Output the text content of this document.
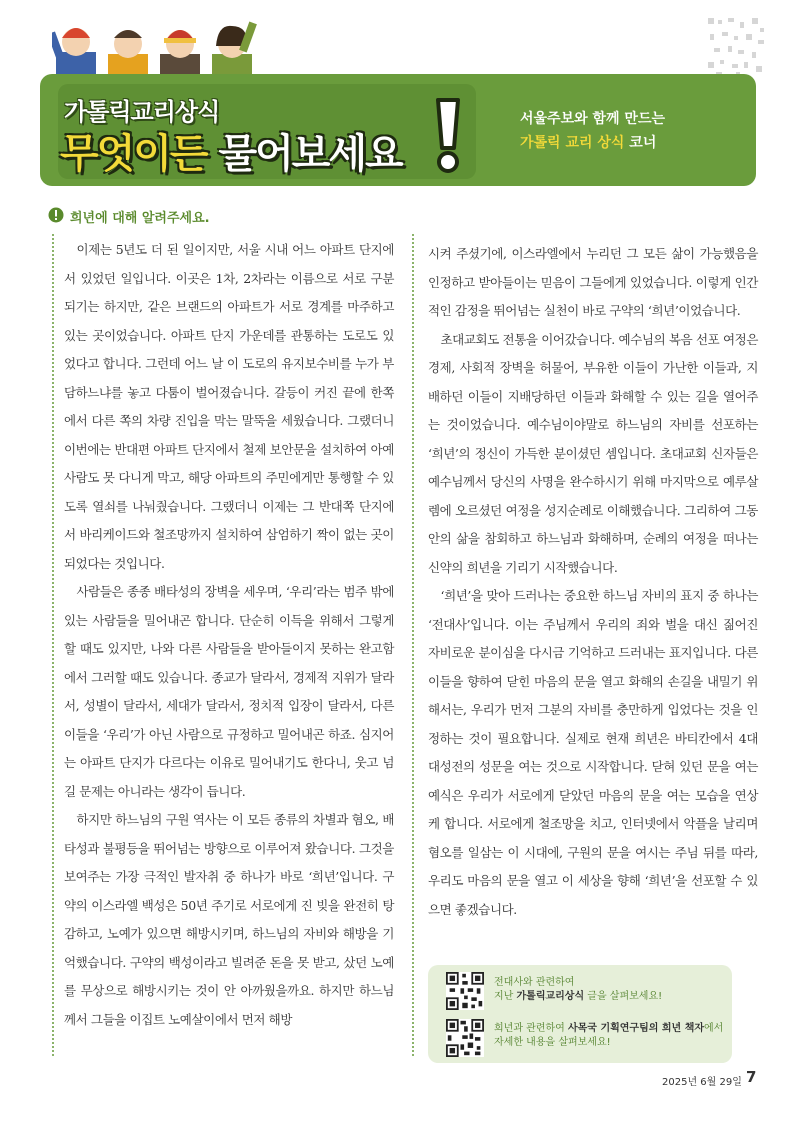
가톨릭교리상식
무엇이든 물어보세요
서울주보와 함께 만드는
가톨릭 교리 상식 코너
희년에 대해 알려주세요.

이제는 5년도 더 된 일이지만, 서울 시내 어느 아파트 단지에서 있었던 일입니다. 이곳은 1차, 2차라는 이름으로 서로 구분되기는 하지만, 같은 브랜드의 아파트가 서로 경계를 마주하고 있는 곳이었습니다. 아파트 단지 가운데를 관통하는 도로도 있었다고 합니다. 그런데 어느 날 이 도로의 유지보수비를 누가 부담하느냐를 놓고 다툼이 벌어졌습니다. 갈등이 커진 끝에 한쪽에서 다른 쪽의 차량 진입을 막는 말뚝을 세웠습니다. 그랬더니 이번에는 반대편 아파트 단지에서 철제 보안문을 설치하여 아예 사람도 못 다니게 막고, 해당 아파트의 주민에게만 통행할 수 있도록 열쇠를 나눠줬습니다. 그랬더니 이제는 그 반대쪽 단지에서 바리케이드와 철조망까지 설치하여 삼엄하기 짝이 없는 곳이 되었다는 것입니다.

사람들은 종종 배타성의 장벽을 세우며, ‘우리’라는 범주 밖에 있는 사람들을 밀어내곤 합니다. 단순히 이득을 위해서 그렇게 할 때도 있지만, 나와 다른 사람들을 받아들이지 못하는 완고함에서 그러할 때도 있습니다. 종교가 달라서, 경제적 지위가 달라서, 성별이 달라서, 세대가 달라서, 정치적 입장이 달라서, 다른 이들을 ‘우리’가 아닌 사람으로 규정하고 밀어내곤 하죠. 심지어는 아파트 단지가 다르다는 이유로 밀어내기도 한다니, 웃고 넘길 문제는 아니라는 생각이 듭니다.

하지만 하느님의 구원 역사는 이 모든 종류의 차별과 혐오, 배타성과 불평등을 뛰어넘는 방향으로 이루어져 왔습니다. 그것을 보여주는 가장 극적인 발자취 중 하나가 바로 ‘희년’입니다. 구약의 이스라엘 백성은 50년 주기로 서로에게 진 빚을 완전히 탕감하고, 노예가 있으면 해방시키며, 하느님의 자비와 해방을 기억했습니다. 구약의 백성이라고 빌려준 돈을 못 받고, 샀던 노예를 무상으로 해방시키는 것이 안 아까웠을까요. 하지만 하느님께서 그들을 이집트 노예살이에서 먼저 해방

시켜 주셨기에, 이스라엘에서 누리던 그 모든 삶이 가능했음을 인정하고 받아들이는 믿음이 그들에게 있었습니다. 이렇게 인간적인 감정을 뛰어넘는 실천이 바로 구약의 ‘희년’이었습니다.

초대교회도 전통을 이어갔습니다. 예수님의 복음 선포 여정은 경제, 사회적 장벽을 허물어, 부유한 이들이 가난한 이들과, 지배하던 이들이 지배당하던 이들과 화해할 수 있는 길을 열어주는 것이었습니다. 예수님이야말로 하느님의 자비를 선포하는 ‘희년’의 정신이 가득한 분이셨던 셈입니다. 초대교회 신자들은 예수님께서 당신의 사명을 완수하시기 위해 마지막으로 예루살렘에 오르셨던 여정을 성지순례로 이해했습니다. 그리하여 그동안의 삶을 참회하고 하느님과 화해하며, 순례의 여정을 떠나는 신약의 희년을 기리기 시작했습니다.

‘희년’을 맞아 드러나는 중요한 하느님 자비의 표지 중 하나는 ‘전대사’입니다. 이는 주님께서 우리의 죄와 벌을 대신 짊어진 자비로운 분이심을 다시금 기억하고 드러내는 표지입니다. 다른 이들을 향하여 닫힌 마음의 문을 열고 화해의 손길을 내밀기 위해서는, 우리가 먼저 그분의 자비를 충만하게 입었다는 것을 인정하는 것이 필요합니다. 실제로 현재 희년은 바티칸에서 4대 대성전의 성문을 여는 것으로 시작합니다. 닫혀 있던 문을 여는 예식은 우리가 서로에게 닫았던 마음의 문을 여는 모습을 연상케 합니다. 서로에게 철조망을 치고, 인터넷에서 악플을 날리며 혐오를 일삼는 이 시대에, 구원의 문을 여시는 주님 뒤를 따라, 우리도 마음의 문을 열고 이 세상을 향해 ‘희년’을 선포할 수 있으면 좋겠습니다.

전대사와 관련하여
지난 가톨릭교리상식 글을 살펴보세요!
희년과 관련하여 사목국 기획연구팀의 희년 책자에서
자세한 내용을 살펴보세요!
2025년 6월 29일 7
